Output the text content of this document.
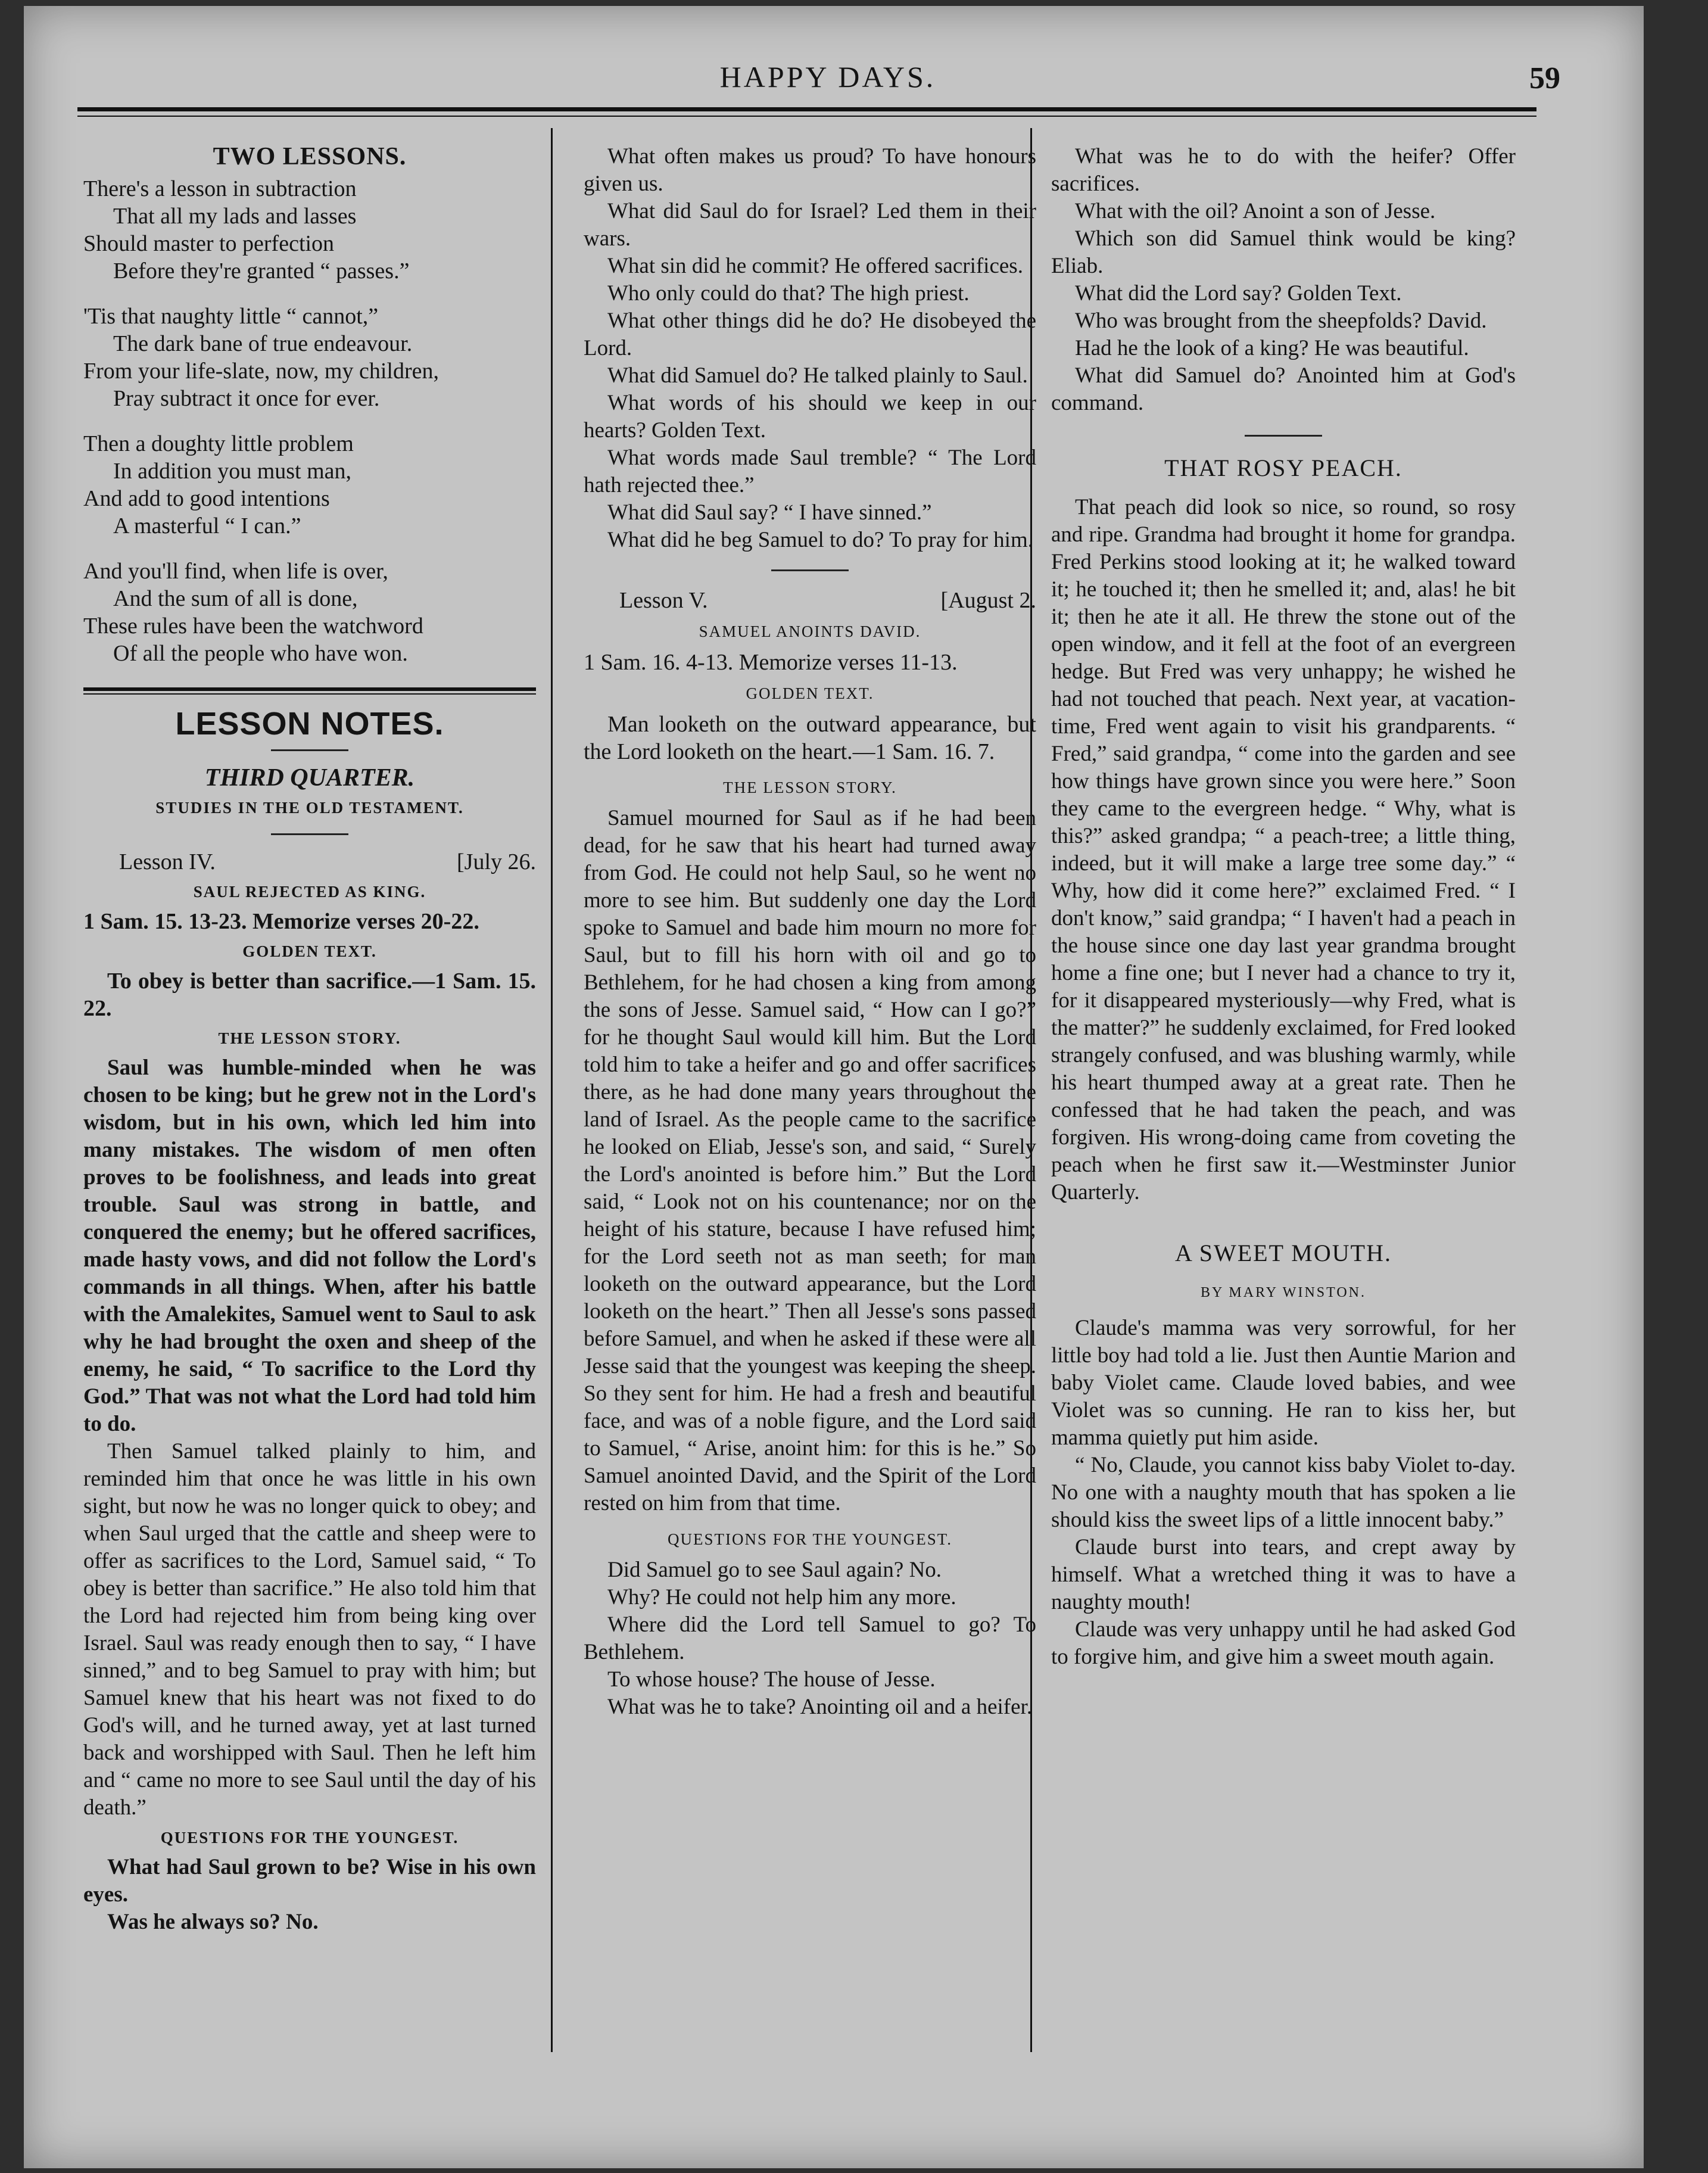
HAPPY DAYS.	59
TWO LESSONS.
There's a lesson in subtraction
That all my lads and lasses
Should master to perfection
Before they're granted “ passes.”
'Tis that naughty little “ cannot,”
The dark bane of true endeavour.
From your life-slate, now, my children,
Pray subtract it once for ever.
Then a doughty little problem
In addition you must man,
And add to good intentions
A masterful “ I can.”
And you'll find, when life is over,
And the sum of all is done,
These rules have been the watchword
Of all the people who have won.
LESSON NOTES.
THIRD QUARTER.
STUDIES IN THE OLD TESTAMENT.
Lesson IV.	[July 26.
SAUL REJECTED AS KING.

1 Sam. 15. 13-23. Memorize verses 20-22.

GOLDEN TEXT.

To obey is better than sacrifice.—1 Sam. 15. 22.

THE LESSON STORY.

Saul was humble-minded when he was chosen to be king; but he grew not in the Lord's wisdom, but in his own, which led him into many mistakes. The wisdom of men often proves to be foolishness, and leads into great trouble. Saul was strong in battle, and conquered the enemy; but he offered sacrifices, made hasty vows, and did not follow the Lord's commands in all things. When, after his battle with the Amalekites, Samuel went to Saul to ask why he had brought the oxen and sheep of the enemy, he said, “ To sacrifice to the Lord thy God.” That was not what the Lord had told him to do.

Then Samuel talked plainly to him, and reminded him that once he was little in his own sight, but now he was no longer quick to obey; and when Saul urged that the cattle and sheep were to offer as sacrifices to the Lord, Samuel said, “ To obey is better than sacrifice.” He also told him that the Lord had rejected him from being king over Israel. Saul was ready enough then to say, “ I have sinned,” and to beg Samuel to pray with him; but Samuel knew that his heart was not fixed to do God's will, and he turned away, yet at last turned back and worshipped with Saul. Then he left him and “ came no more to see Saul until the day of his death.”

QUESTIONS FOR THE YOUNGEST.

What had Saul grown to be? Wise in his own eyes.

Was he always so? No.

What often makes us proud? To have honours given us.

What did Saul do for Israel? Led them in their wars.

What sin did he commit? He offered sacrifices.

Who only could do that? The high priest.

What other things did he do? He disobeyed the Lord.

What did Samuel do? He talked plainly to Saul.

What words of his should we keep in our hearts? Golden Text.

What words made Saul tremble? “ The Lord hath rejected thee.”

What did Saul say? “ I have sinned.”

What did he beg Samuel to do? To pray for him.

Lesson V.	[August 2.
SAMUEL ANOINTS DAVID.

1 Sam. 16. 4-13. Memorize verses 11-13.

GOLDEN TEXT.

Man looketh on the outward appearance, but the Lord looketh on the heart.—1 Sam. 16. 7.

THE LESSON STORY.

Samuel mourned for Saul as if he had been dead, for he saw that his heart had turned away from God. He could not help Saul, so he went no more to see him. But suddenly one day the Lord spoke to Samuel and bade him mourn no more for Saul, but to fill his horn with oil and go to Bethlehem, for he had chosen a king from among the sons of Jesse. Samuel said, “ How can I go?” for he thought Saul would kill him. But the Lord told him to take a heifer and go and offer sacrifices there, as he had done many years throughout the land of Israel. As the people came to the sacrifice he looked on Eliab, Jesse's son, and said, “ Surely the Lord's anointed is before him.” But the Lord said, “ Look not on his countenance; nor on the height of his stature, because I have refused him; for the Lord seeth not as man seeth; for man looketh on the outward appearance, but the Lord looketh on the heart.” Then all Jesse's sons passed before Samuel, and when he asked if these were all Jesse said that the youngest was keeping the sheep. So they sent for him. He had a fresh and beautiful face, and was of a noble figure, and the Lord said to Samuel, “ Arise, anoint him: for this is he.” So Samuel anointed David, and the Spirit of the Lord rested on him from that time.

QUESTIONS FOR THE YOUNGEST.

Did Samuel go to see Saul again? No.

Why? He could not help him any more.

Where did the Lord tell Samuel to go? To Bethlehem.

To whose house? The house of Jesse.

What was he to take? Anointing oil and a heifer.

What was he to do with the heifer? Offer sacrifices.

What with the oil? Anoint a son of Jesse.

Which son did Samuel think would be king? Eliab.

What did the Lord say? Golden Text.

Who was brought from the sheepfolds? David.

Had he the look of a king? He was beautiful.

What did Samuel do? Anointed him at God's command.

THAT ROSY PEACH.

That peach did look so nice, so round, so rosy and ripe. Grandma had brought it home for grandpa. Fred Perkins stood looking at it; he walked toward it; he touched it; then he smelled it; and, alas! he bit it; then he ate it all. He threw the stone out of the open window, and it fell at the foot of an evergreen hedge. But Fred was very unhappy; he wished he had not touched that peach. Next year, at vacation-time, Fred went again to visit his grandparents. “ Fred,” said grandpa, “ come into the garden and see how things have grown since you were here.” Soon they came to the evergreen hedge. “ Why, what is this?” asked grandpa; “ a peach-tree; a little thing, indeed, but it will make a large tree some day.” “ Why, how did it come here?” exclaimed Fred. “ I don't know,” said grandpa; “ I haven't had a peach in the house since one day last year grandma brought home a fine one; but I never had a chance to try it, for it disappeared mysteriously—why Fred, what is the matter?” he suddenly exclaimed, for Fred looked strangely confused, and was blushing warmly, while his heart thumped away at a great rate. Then he confessed that he had taken the peach, and was forgiven. His wrong-doing came from coveting the peach when he first saw it.—Westminster Junior Quarterly.

A SWEET MOUTH.
BY MARY WINSTON.

Claude's mamma was very sorrowful, for her little boy had told a lie. Just then Auntie Marion and baby Violet came. Claude loved babies, and wee Violet was so cunning. He ran to kiss her, but mamma quietly put him aside.

“ No, Claude, you cannot kiss baby Violet to-day. No one with a naughty mouth that has spoken a lie should kiss the sweet lips of a little innocent baby.”

Claude burst into tears, and crept away by himself. What a wretched thing it was to have a naughty mouth!

Claude was very unhappy until he had asked God to forgive him, and give him a sweet mouth again.
